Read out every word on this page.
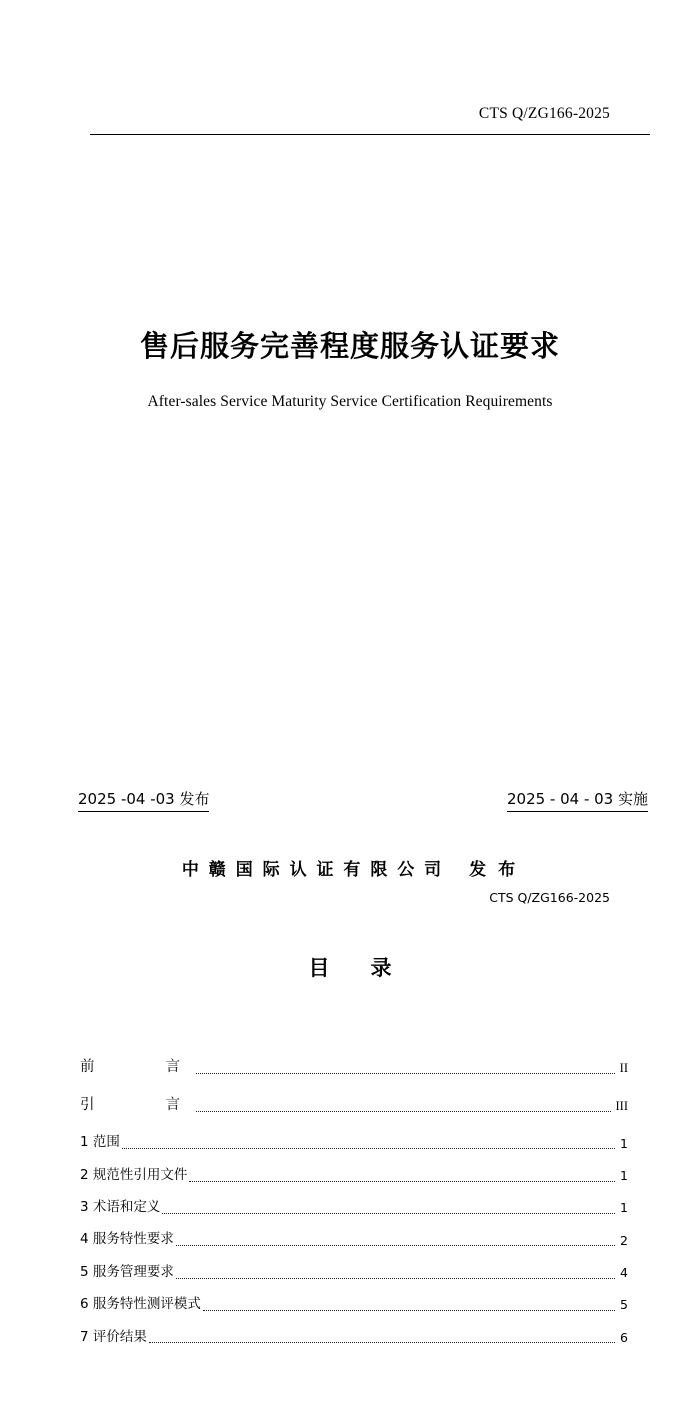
CTS Q/ZG166-2025
售后服务完善程度服务认证要求
After-sales Service Maturity Service Certification Requirements
2025 -04 -03 发布	2025 - 04 - 03 实施
中 赣 国 际 认 证 有 限 公 司 发 布
CTS Q/ZG166-2025
目　录
前　　言	II
引　　言	III
1 范围	1
2 规范性引用文件	1
3 术语和定义	1
4 服务特性要求	2
5 服务管理要求	4
6 服务特性测评模式	5
7 评价结果	6
